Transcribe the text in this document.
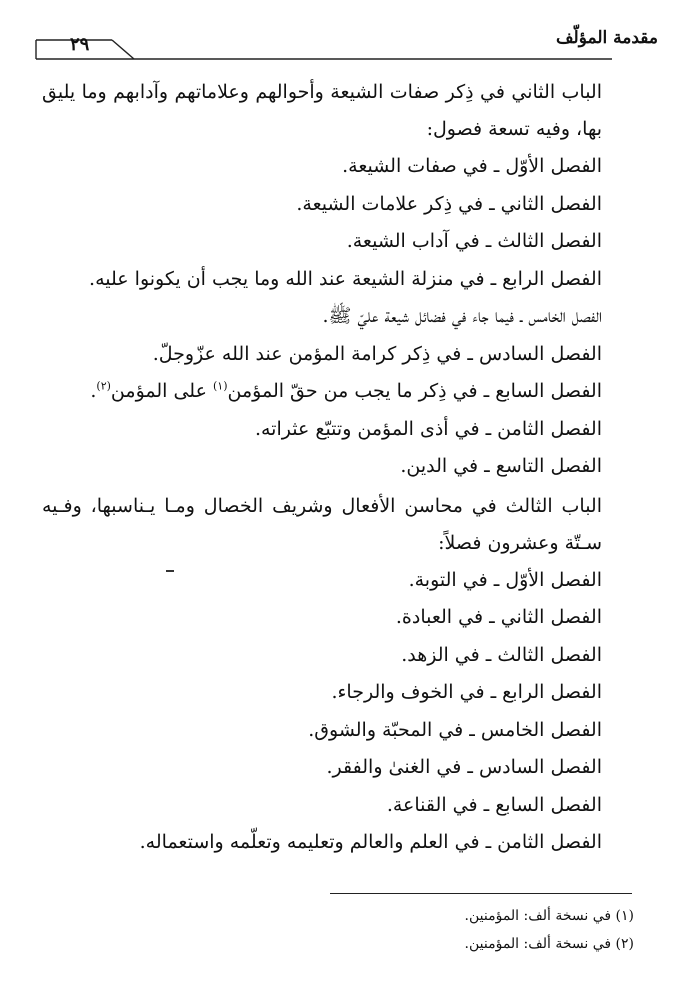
مقدمة المؤلّف
٢٩

الباب الثاني في ذِكر صفات الشيعة وأحوالهم وعلاماتهم وآدابهم وما يليق بها، وفيه تسعة فصول:

الفصل الأوّل ـ في صفات الشيعة.

الفصل الثاني ـ في ذِكر علامات الشيعة.

الفصل الثالث ـ في آداب الشيعة.

الفصل الرابع ـ في منزلة الشيعة عند الله وما يجب أن يكونوا عليه.

الفصل الخامس ـ فيما جاء في فضائل شيعة عليّ ﷺ.

الفصل السادس ـ في ذِكر كرامة المؤمن عند الله عزّوجلّ.

الفصل السابع ـ في ذِكر ما يجب من حقّ المؤمن$^{(١)}$ على المؤمن$^{(٢)}$.

الفصل الثامن ـ في أذى المؤمن وتتبّع عثراته.

الفصل التاسع ـ في الدين.

الباب الثالث في محاسن الأفعال وشريف الخصال ومـا يـناسبها، وفـيه سـتّة وعشرون فصلاً:

الفصل الأوّل ـ في التوبة.

الفصل الثاني ـ في العبادة.

الفصل الثالث ـ في الزهد.

الفصل الرابع ـ في الخوف والرجاء.

الفصل الخامس ـ في المحبّة والشوق.

الفصل السادس ـ في الغنىٰ والفقر.

الفصل السابع ـ في القناعة.

الفصل الثامن ـ في العلم والعالم وتعليمه وتعلّمه واستعماله.

(١) في نسخة ألف: المؤمنين.

(٢) في نسخة ألف: المؤمنين.
